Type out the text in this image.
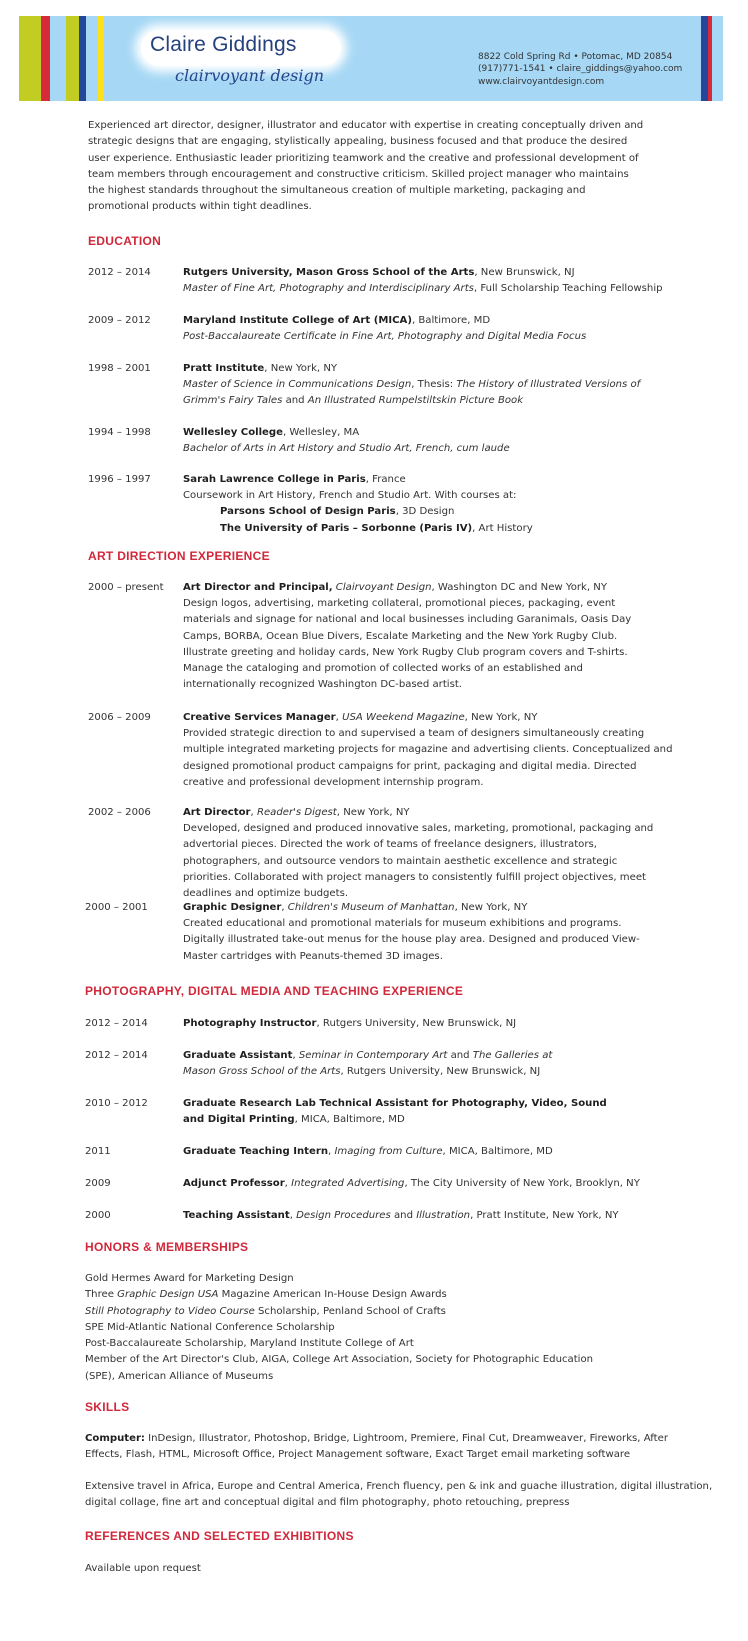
Claire Giddings
clairvoyant design
8822 Cold Spring Rd • Potomac, MD 20854
(917)771-1541 • claire_giddings@yahoo.com
www.clairvoyantdesign.com
Experienced art director, designer, illustrator and educator with expertise in creating conceptually driven and strategic designs that are engaging, stylistically appealing, business focused and that produce the desired user experience. Enthusiastic leader prioritizing teamwork and the creative and professional development of team members through encouragement and constructive criticism. Skilled project manager who maintains the highest standards throughout the simultaneous creation of multiple marketing, packaging and promotional products within tight deadlines.
EDUCATION
2012 – 2014	Rutgers University, Mason Gross School of the Arts, New Brunswick, NJ
Master of Fine Art, Photography and Interdisciplinary Arts, Full Scholarship Teaching Fellowship
2009 – 2012	Maryland Institute College of Art (MICA), Baltimore, MD
Post-Baccalaureate Certificate in Fine Art, Photography and Digital Media Focus
1998 – 2001	Pratt Institute, New York, NY
Master of Science in Communications Design, Thesis: The History of Illustrated Versions of Grimm's Fairy Tales and An Illustrated Rumpelstiltskin Picture Book
1994 – 1998	Wellesley College, Wellesley, MA
Bachelor of Arts in Art History and Studio Art, French, cum laude
1996 – 1997	Sarah Lawrence College in Paris, France
Coursework in Art History, French and Studio Art. With courses at:
Parsons School of Design Paris, 3D Design
The University of Paris – Sorbonne (Paris IV), Art History
ART DIRECTION EXPERIENCE
2000 – present Art Director and Principal, Clairvoyant Design, Washington DC and New York, NY
Design logos, advertising, marketing collateral, promotional pieces, packaging, event materials and signage for national and local businesses including Garanimals, Oasis Day Camps, BORBA, Ocean Blue Divers, Escalate Marketing and the New York Rugby Club. Illustrate greeting and holiday cards, New York Rugby Club program covers and T-shirts. Manage the cataloging and promotion of collected works of an established and internationally recognized Washington DC-based artist.
2006 – 2009	Creative Services Manager, USA Weekend Magazine, New York, NY
Provided strategic direction to and supervised a team of designers simultaneously creating multiple integrated marketing projects for magazine and advertising clients. Conceptualized and designed promotional product campaigns for print, packaging and digital media. Directed creative and professional development internship program.
2002 – 2006	Art Director, Reader's Digest, New York, NY
Developed, designed and produced innovative sales, marketing, promotional, packaging and advertorial pieces. Directed the work of teams of freelance designers, illustrators, photographers, and outsource vendors to maintain aesthetic excellence and strategic priorities. Collaborated with project managers to consistently fulfill project objectives, meet deadlines and optimize budgets.
2000 – 2001	Graphic Designer, Children's Museum of Manhattan, New York, NY
Created educational and promotional materials for museum exhibitions and programs. Digitally illustrated take-out menus for the house play area. Designed and produced View-Master cartridges with Peanuts-themed 3D images.
PHOTOGRAPHY, DIGITAL MEDIA AND TEACHING EXPERIENCE
2012 – 2014	Photography Instructor, Rutgers University, New Brunswick, NJ
2012 – 2014	Graduate Assistant, Seminar in Contemporary Art and The Galleries at Mason Gross School of the Arts, Rutgers University, New Brunswick, NJ
2010 – 2012	Graduate Research Lab Technical Assistant for Photography, Video, Sound and Digital Printing, MICA, Baltimore, MD
2011	Graduate Teaching Intern, Imaging from Culture, MICA, Baltimore, MD
2009	Adjunct Professor, Integrated Advertising, The City University of New York, Brooklyn, NY
2000	Teaching Assistant, Design Procedures and Illustration, Pratt Institute, New York, NY
HONORS & MEMBERSHIPS
Gold Hermes Award for Marketing Design
Three Graphic Design USA Magazine American In-House Design Awards
Still Photography to Video Course Scholarship, Penland School of Crafts
SPE Mid-Atlantic National Conference Scholarship
Post-Baccalaureate Scholarship, Maryland Institute College of Art
Member of the Art Director's Club, AIGA, College Art Association, Society for Photographic Education (SPE), American Alliance of Museums
SKILLS
Computer: InDesign, Illustrator, Photoshop, Bridge, Lightroom, Premiere, Final Cut, Dreamweaver, Fireworks, After Effects, Flash, HTML, Microsoft Office, Project Management software, Exact Target email marketing software
Extensive travel in Africa, Europe and Central America, French fluency, pen & ink and guache illustration, digital illustration, digital collage, fine art and conceptual digital and film photography, photo retouching, prepress
REFERENCES AND SELECTED EXHIBITIONS
Available upon request
